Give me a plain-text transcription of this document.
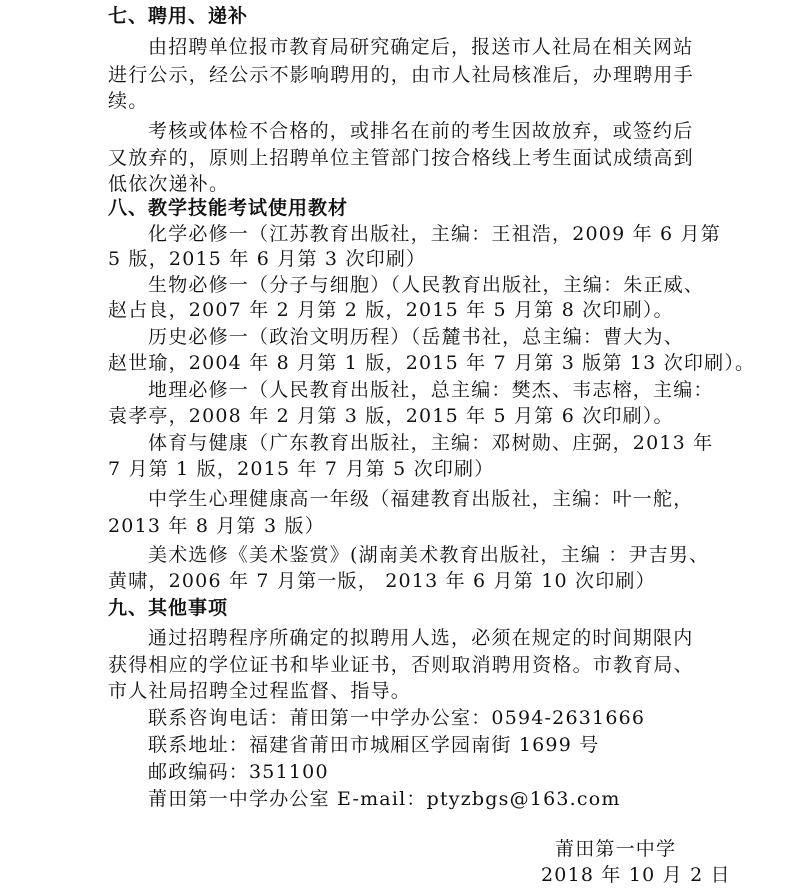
七、聘用、递补
由招聘单位报市教育局研究确定后，报送市人社局在相关网站
进行公示，经公示不影响聘用的，由市人社局核准后，办理聘用手
续。
考核或体检不合格的，或排名在前的考生因故放弃，或签约后
又放弃的，原则上招聘单位主管部门按合格线上考生面试成绩高到
低依次递补。
八、教学技能考试使用教材
化学必修一（江苏教育出版社，主编：王祖浩，2009 年 6 月第
5 版，2015 年 6 月第 3 次印刷）
生物必修一（分子与细胞）（人民教育出版社，主编：朱正威、
赵占良，2007 年 2 月第 2 版，2015 年 5 月第 8 次印刷）。
历史必修一（政治文明历程）（岳麓书社，总主编：曹大为、
赵世瑜，2004 年 8 月第 1 版，2015 年 7 月第 3 版第 13 次印刷）。
地理必修一（人民教育出版社，总主编：樊杰、韦志榕，主编：
袁孝亭，2008 年 2 月第 3 版，2015 年 5 月第 6 次印刷）。
体育与健康（广东教育出版社，主编：邓树勋、庄弼，2013 年
7 月第 1 版，2015 年 7 月第 5 次印刷）
中学生心理健康高一年级（福建教育出版社，主编：叶一舵，
2013 年 8 月第 3 版）
美术选修《美术鉴赏》(湖南美术教育出版社，主编 ：尹吉男、
黄啸，2006 年 7 月第一版， 2013 年 6 月第 10 次印刷）
九、其他事项
通过招聘程序所确定的拟聘用人选，必须在规定的时间期限内
获得相应的学位证书和毕业证书，否则取消聘用资格。市教育局、
市人社局招聘全过程监督、指导。
联系咨询电话：莆田第一中学办公室：0594-2631666
联系地址：福建省莆田市城厢区学园南街 1699 号
邮政编码：351100
莆田第一中学办公室 E-mail：ptyzbgs@163.com
莆田第一中学
2018 年 10 月 2 日
